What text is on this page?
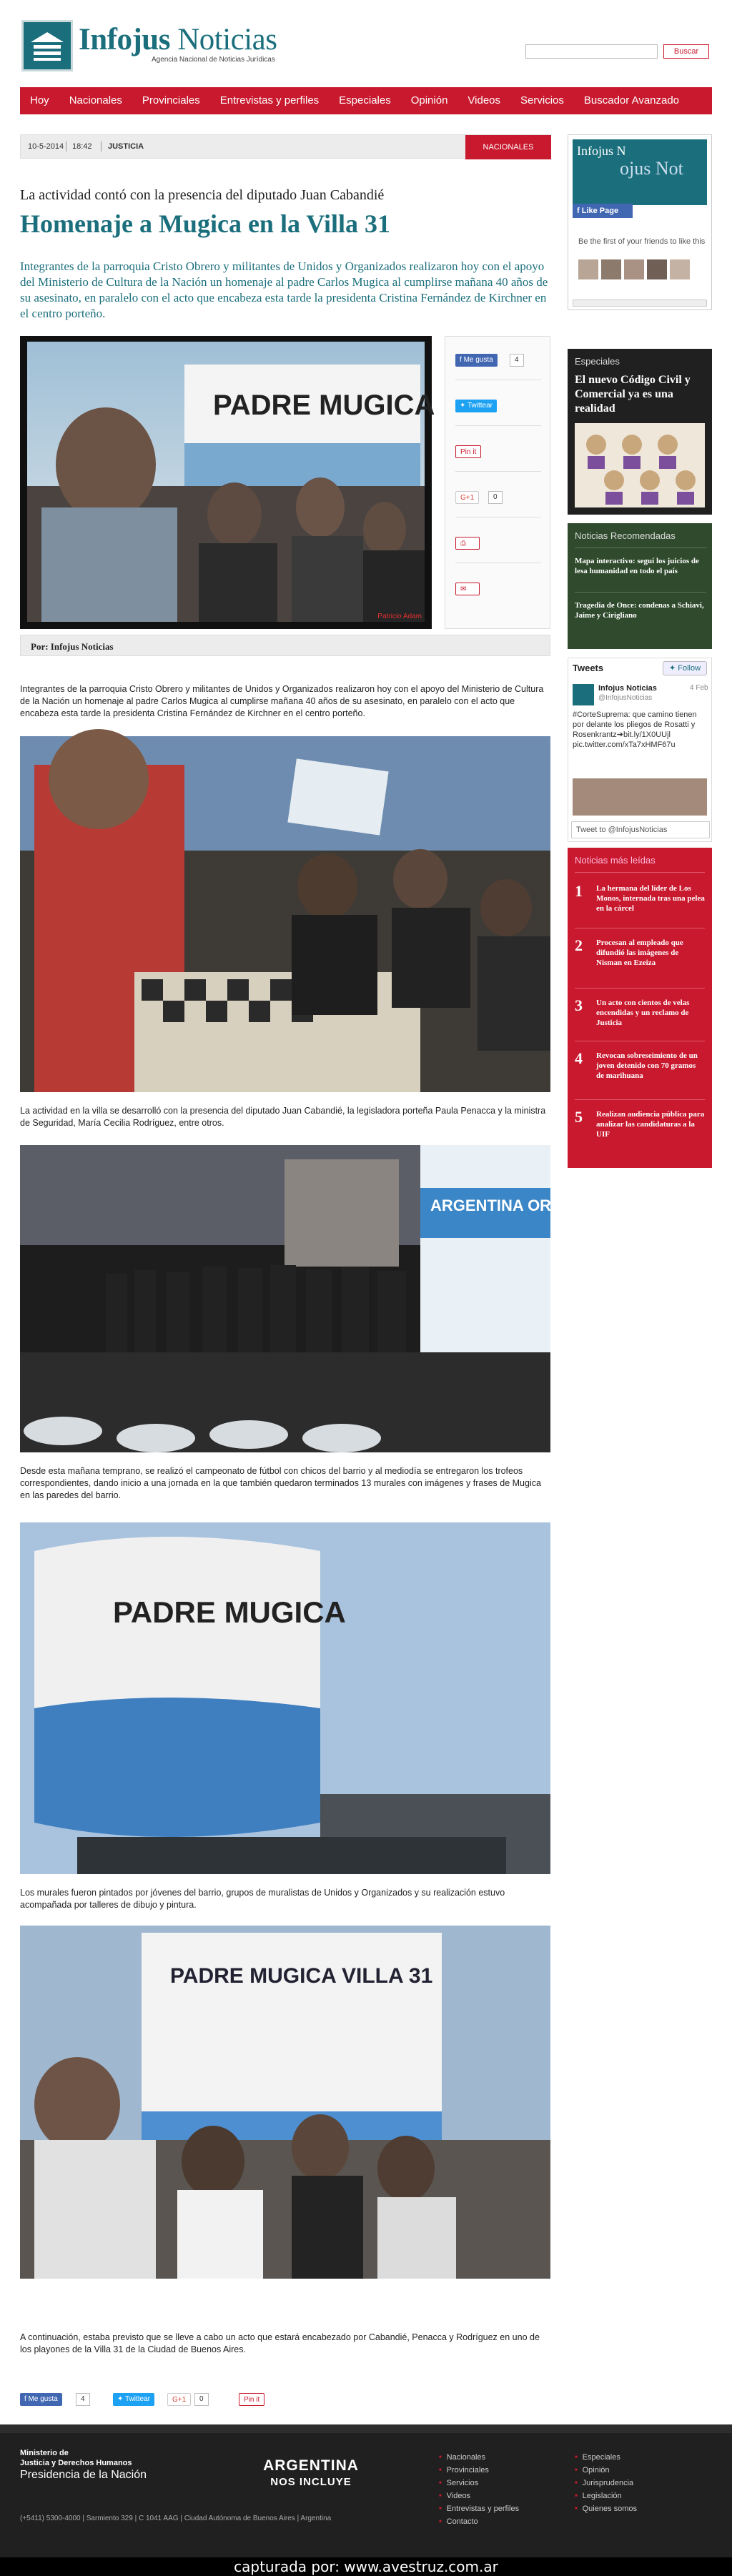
Infojus Noticias
Agencia Nacional de Noticias Jurídicas
Buscar
Hoy	Nacionales	Provinciales	Entrevistas y perfiles	Especiales	Opinión	Videos	Servicios	Buscador Avanzado
10-5-2014 18:42 JUSTICIA	NACIONALES
La actividad contó con la presencia del diputado Juan Cabandié
Homenaje a Mugica en la Villa 31
Integrantes de la parroquia Cristo Obrero y militantes de Unidos y Organizados realizaron hoy con el apoyo del Ministerio de Cultura de la Nación un homenaje al padre Carlos Mugica al cumplirse mañana 40 años de su asesinato, en paralelo con el acto que encabeza esta tarde la presidenta Cristina Fernández de Kirchner en el centro porteño.
PADRE MUGICA
Patricio Adam
f Me gusta	4
✦ Twittear
Pin it
G+1	0
⎙
✉
Por: Infojus Noticias
Integrantes de la parroquia Cristo Obrero y militantes de Unidos y Organizados realizaron hoy con el apoyo del Ministerio de Cultura de la Nación un homenaje al padre Carlos Mugica al cumplirse mañana 40 años de su asesinato, en paralelo con el acto que encabeza esta tarde la presidenta Cristina Fernández de Kirchner en el centro porteño.
La actividad en la villa se desarrolló con la presencia del diputado Juan Cabandié, la legisladora porteña Paula Penacca y la ministra de Seguridad, María Cecilia Rodríguez, entre otros.
ARGENTINA ORGANIZA
Desde esta mañana temprano, se realizó el campeonato de fútbol con chicos del barrio y al mediodía se entregaron los trofeos correspondientes, dando inicio a una jornada en la que también quedaron terminados 13 murales con imágenes y frases de Mugica en las paredes del barrio.
PADRE MUGICA
Los murales fueron pintados por jóvenes del barrio, grupos de muralistas de Unidos y Organizados y su realización estuvo acompañada por talleres de dibujo y pintura.
PADRE MUGICA VILLA 31
A continuación, estaba previsto que se lleve a cabo un acto que estará encabezado por Cabandié, Penacca y Rodríguez en uno de los playones de la Villa 31 de la Ciudad de Buenos Aires.
f Me gusta	4	✦ Twittear	G+1	0	Pin it
Infojus N
ojus Not
f Like Page
Be the first of your friends to like this
Especiales
El nuevo Código Civil y Comercial ya es una realidad
Noticias Recomendadas
Mapa interactivo: seguí los juicios de lesa humanidad en todo el país
Tragedia de Once: condenas a Schiavi, Jaime y Cirigliano
Tweets	✦ Follow
Infojus Noticias
@InfojusNoticias
4 Feb
#CorteSuprema: que camino tienen por delante los pliegos de Rosatti y Rosenkrantz➔bit.ly/1X0UUjl pic.twitter.com/xTa7xHMF67u
Tweet to @InfojusNoticias
Noticias más leídas
1 La hermana del líder de Los Monos, internada tras una pelea en la cárcel
2 Procesan al empleado que difundió las imágenes de Nisman en Ezeiza
3 Un acto con cientos de velas encendidas y un reclamo de Justicia
4 Revocan sobreseimiento de un joven detenido con 70 gramos de marihuana
5 Realizan audiencia pública para analizar las candidaturas a la UIF
Ministerio de
Justicia y Derechos Humanos
Presidencia de la Nación
(+5411) 5300-4000 | Sarmiento 329 | C 1041 AAG | Ciudad Autónoma de Buenos Aires | Argentina
ARGENTINA
NOS INCLUYE
■ Nacionales
■ Provinciales
■ Servicios
■ Videos
■ Entrevistas y perfiles
■ Contacto
■ Especiales
■ Opinión
■ Jurisprudencia
■ Legislación
■ Quienes somos
capturada por: www.avestruz.com.ar
